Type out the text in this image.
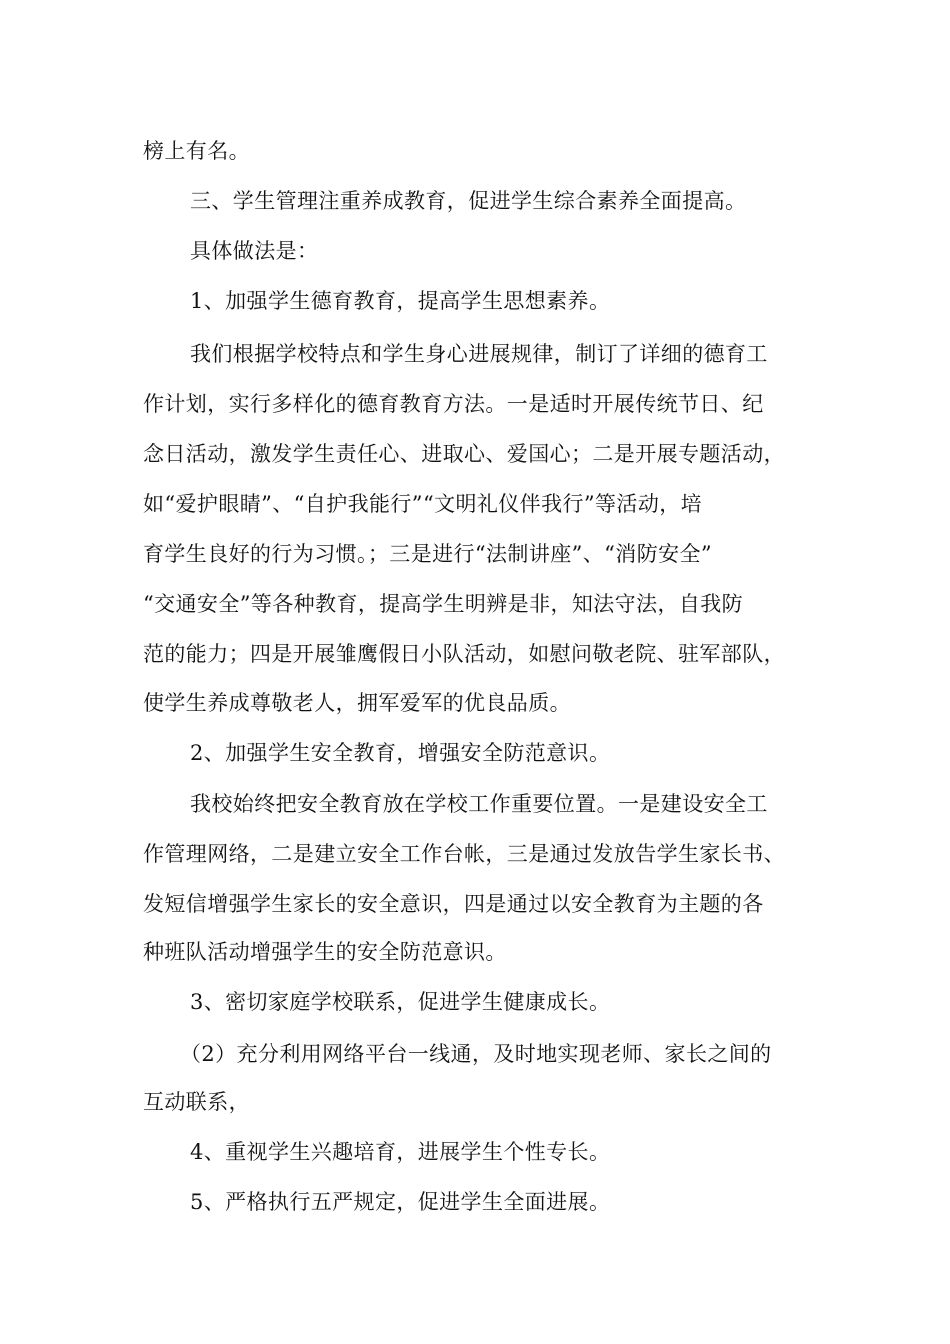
榜上有名。
三、学生管理注重养成教育，促进学生综合素养全面提高。
具体做法是：
1、加强学生德育教育，提高学生思想素养。
我们根据学校特点和学生身心进展规律，制订了详细的德育工
作计划，实行多样化的德育教育方法。一是适时开展传统节日、纪
念日活动，激发学生责任心、进取心、爱国心；二是开展专题活动，
如“爱护眼睛”、“自护我能行”“文明礼仪伴我行”等活动，培
育学生良好的行为习惯。；三是进行“法制讲座”、“消防安全”
“交通安全”等各种教育，提高学生明辨是非，知法守法，自我防
范的能力；四是开展雏鹰假日小队活动，如慰问敬老院、驻军部队，
使学生养成尊敬老人，拥军爱军的优良品质。
2、加强学生安全教育，增强安全防范意识。
我校始终把安全教育放在学校工作重要位置。一是建设安全工
作管理网络，二是建立安全工作台帐，三是通过发放告学生家长书、
发短信增强学生家长的安全意识，四是通过以安全教育为主题的各
种班队活动增强学生的安全防范意识。
3、密切家庭学校联系，促进学生健康成长。
（2）充分利用网络平台一线通，及时地实现老师、家长之间的
互动联系，
4、重视学生兴趣培育，进展学生个性专长。
5、严格执行五严规定，促进学生全面进展。
